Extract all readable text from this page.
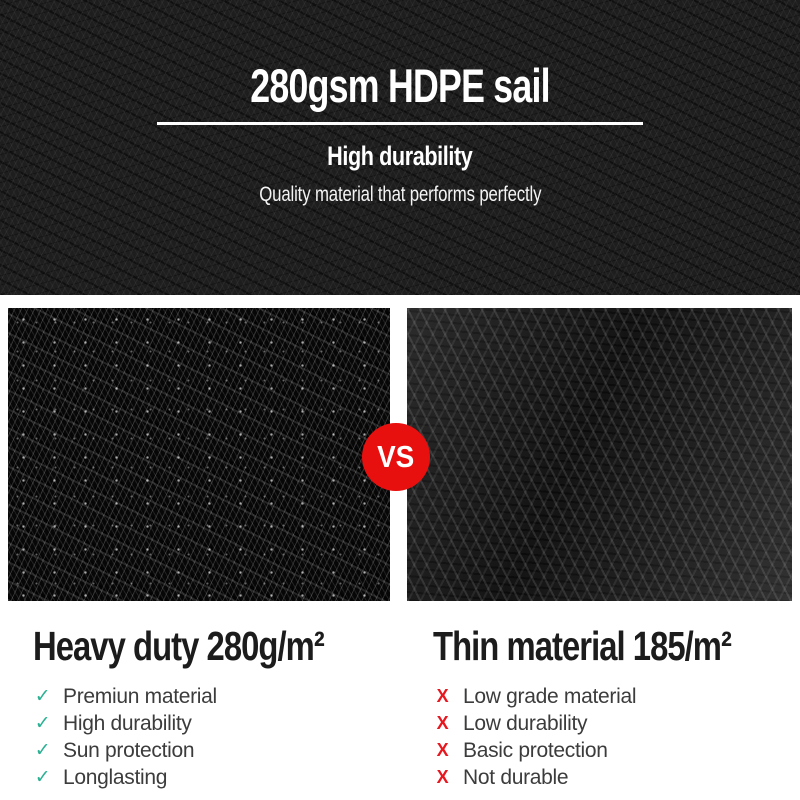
280gsm HDPE sail
High durability

Quality material that performs perfectly

VS
Heavy duty 280g/m²
✓ Premiun material
✓ High durability
✓ Sun protection
✓ Longlasting
Thin material 185/m²
X Low grade material
X Low durability
X Basic protection
X Not durable
